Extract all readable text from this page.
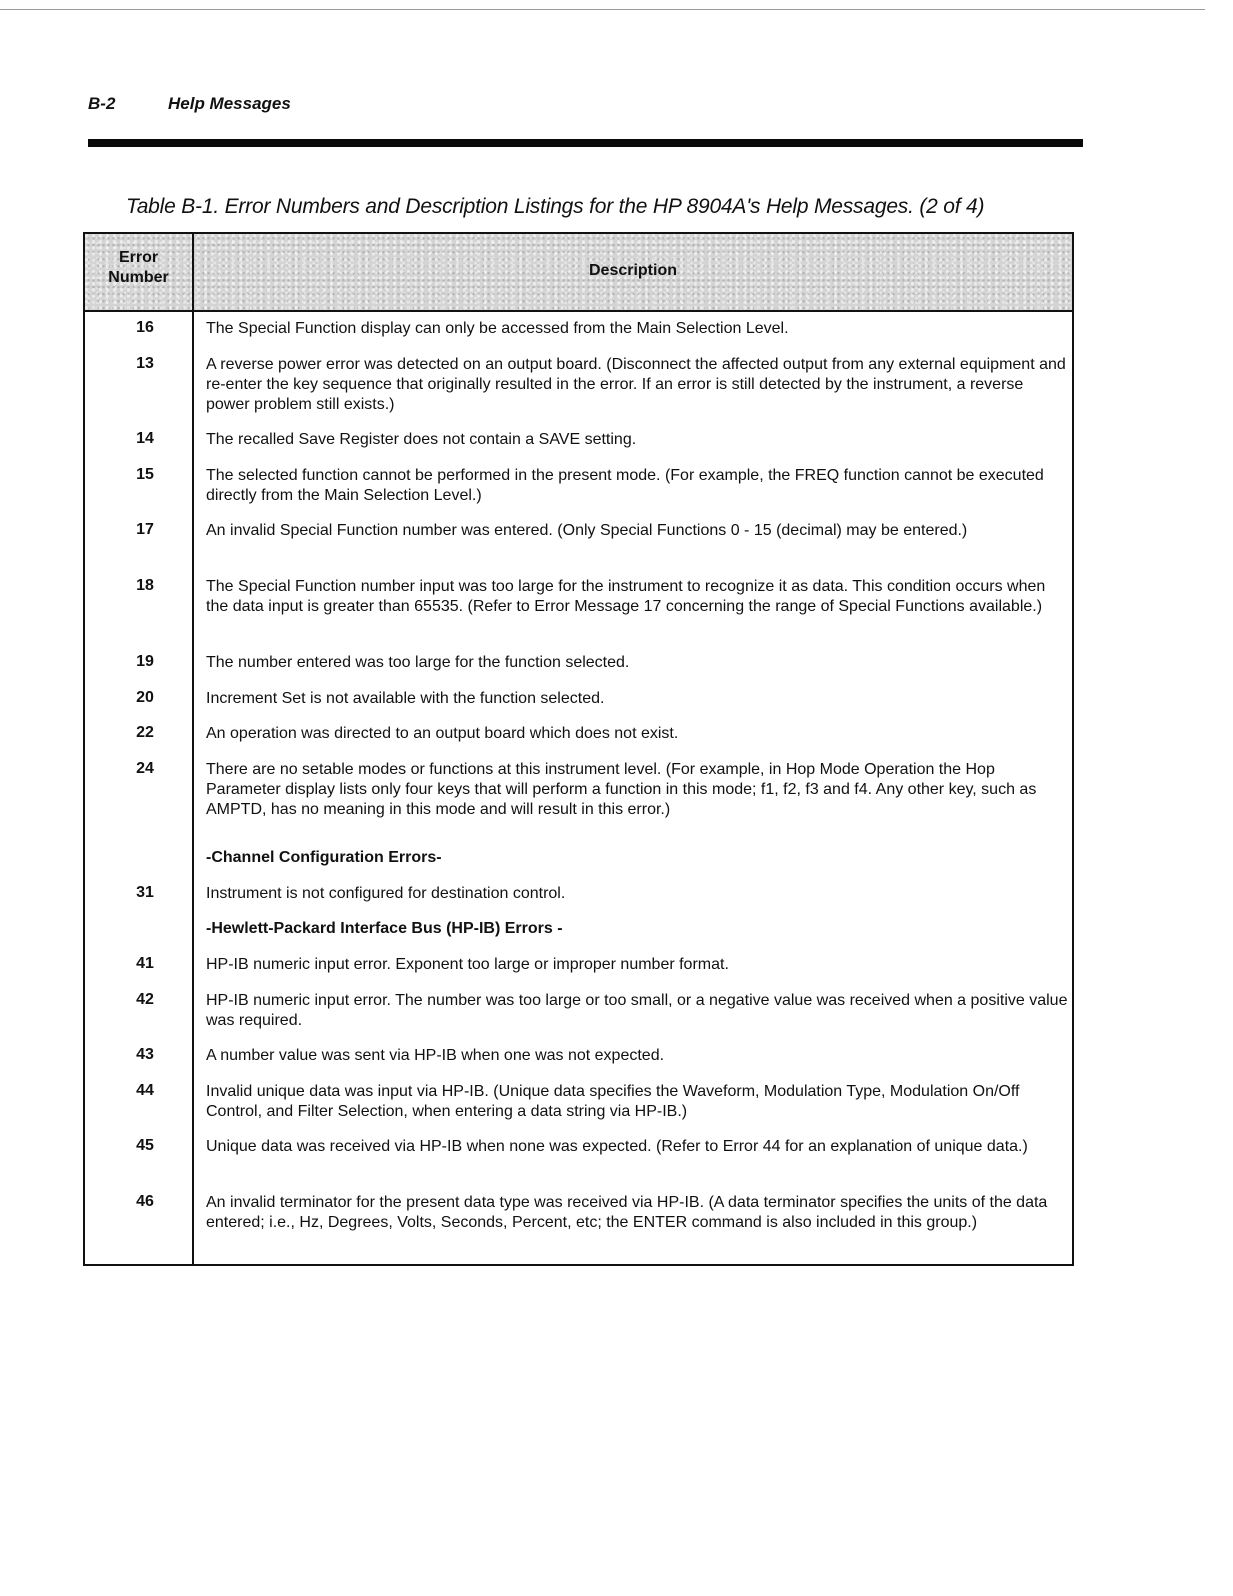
B-2	Help Messages
Table B-1. Error Numbers and Description Listings for the HP 8904A's Help Messages. (2 of 4)
Error
Number	Description
16	The Special Function display can only be accessed from the Main Selection Level.
13	A reverse power error was detected on an output board. (Disconnect the affected output from any external equipment and re-enter the key sequence that originally resulted in the error. If an error is still detected by the instrument, a reverse power problem still exists.)
14	The recalled Save Register does not contain a SAVE setting.
15	The selected function cannot be performed in the present mode. (For example, the FREQ function cannot be executed directly from the Main Selection Level.)
17	An invalid Special Function number was entered. (Only Special Functions 0 - 15 (decimal) may be entered.)
18	The Special Function number input was too large for the instrument to recognize it as data. This condition occurs when the data input is greater than 65535. (Refer to Error Message 17 concerning the range of Special Functions available.)
19	The number entered was too large for the function selected.
20	Increment Set is not available with the function selected.
22	An operation was directed to an output board which does not exist.
24	There are no setable modes or functions at this instrument level. (For example, in Hop Mode Operation the Hop Parameter display lists only four keys that will perform a function in this mode; f1, f2, f3 and f4. Any other key, such as AMPTD, has no meaning in this mode and will result in this error.)
-Channel Configuration Errors-
31	Instrument is not configured for destination control.
-Hewlett-Packard Interface Bus (HP-IB) Errors -
41	HP-IB numeric input error. Exponent too large or improper number format.
42	HP-IB numeric input error. The number was too large or too small, or a negative value was received when a positive value was required.
43	A number value was sent via HP-IB when one was not expected.
44	Invalid unique data was input via HP-IB. (Unique data specifies the Waveform, Modulation Type, Modulation On/Off Control, and Filter Selection, when entering a data string via HP-IB.)
45	Unique data was received via HP-IB when none was expected. (Refer to Error 44 for an explanation of unique data.)
46	An invalid terminator for the present data type was received via HP-IB. (A data terminator specifies the units of the data entered; i.e., Hz, Degrees, Volts, Seconds, Percent, etc; the ENTER command is also included in this group.)
